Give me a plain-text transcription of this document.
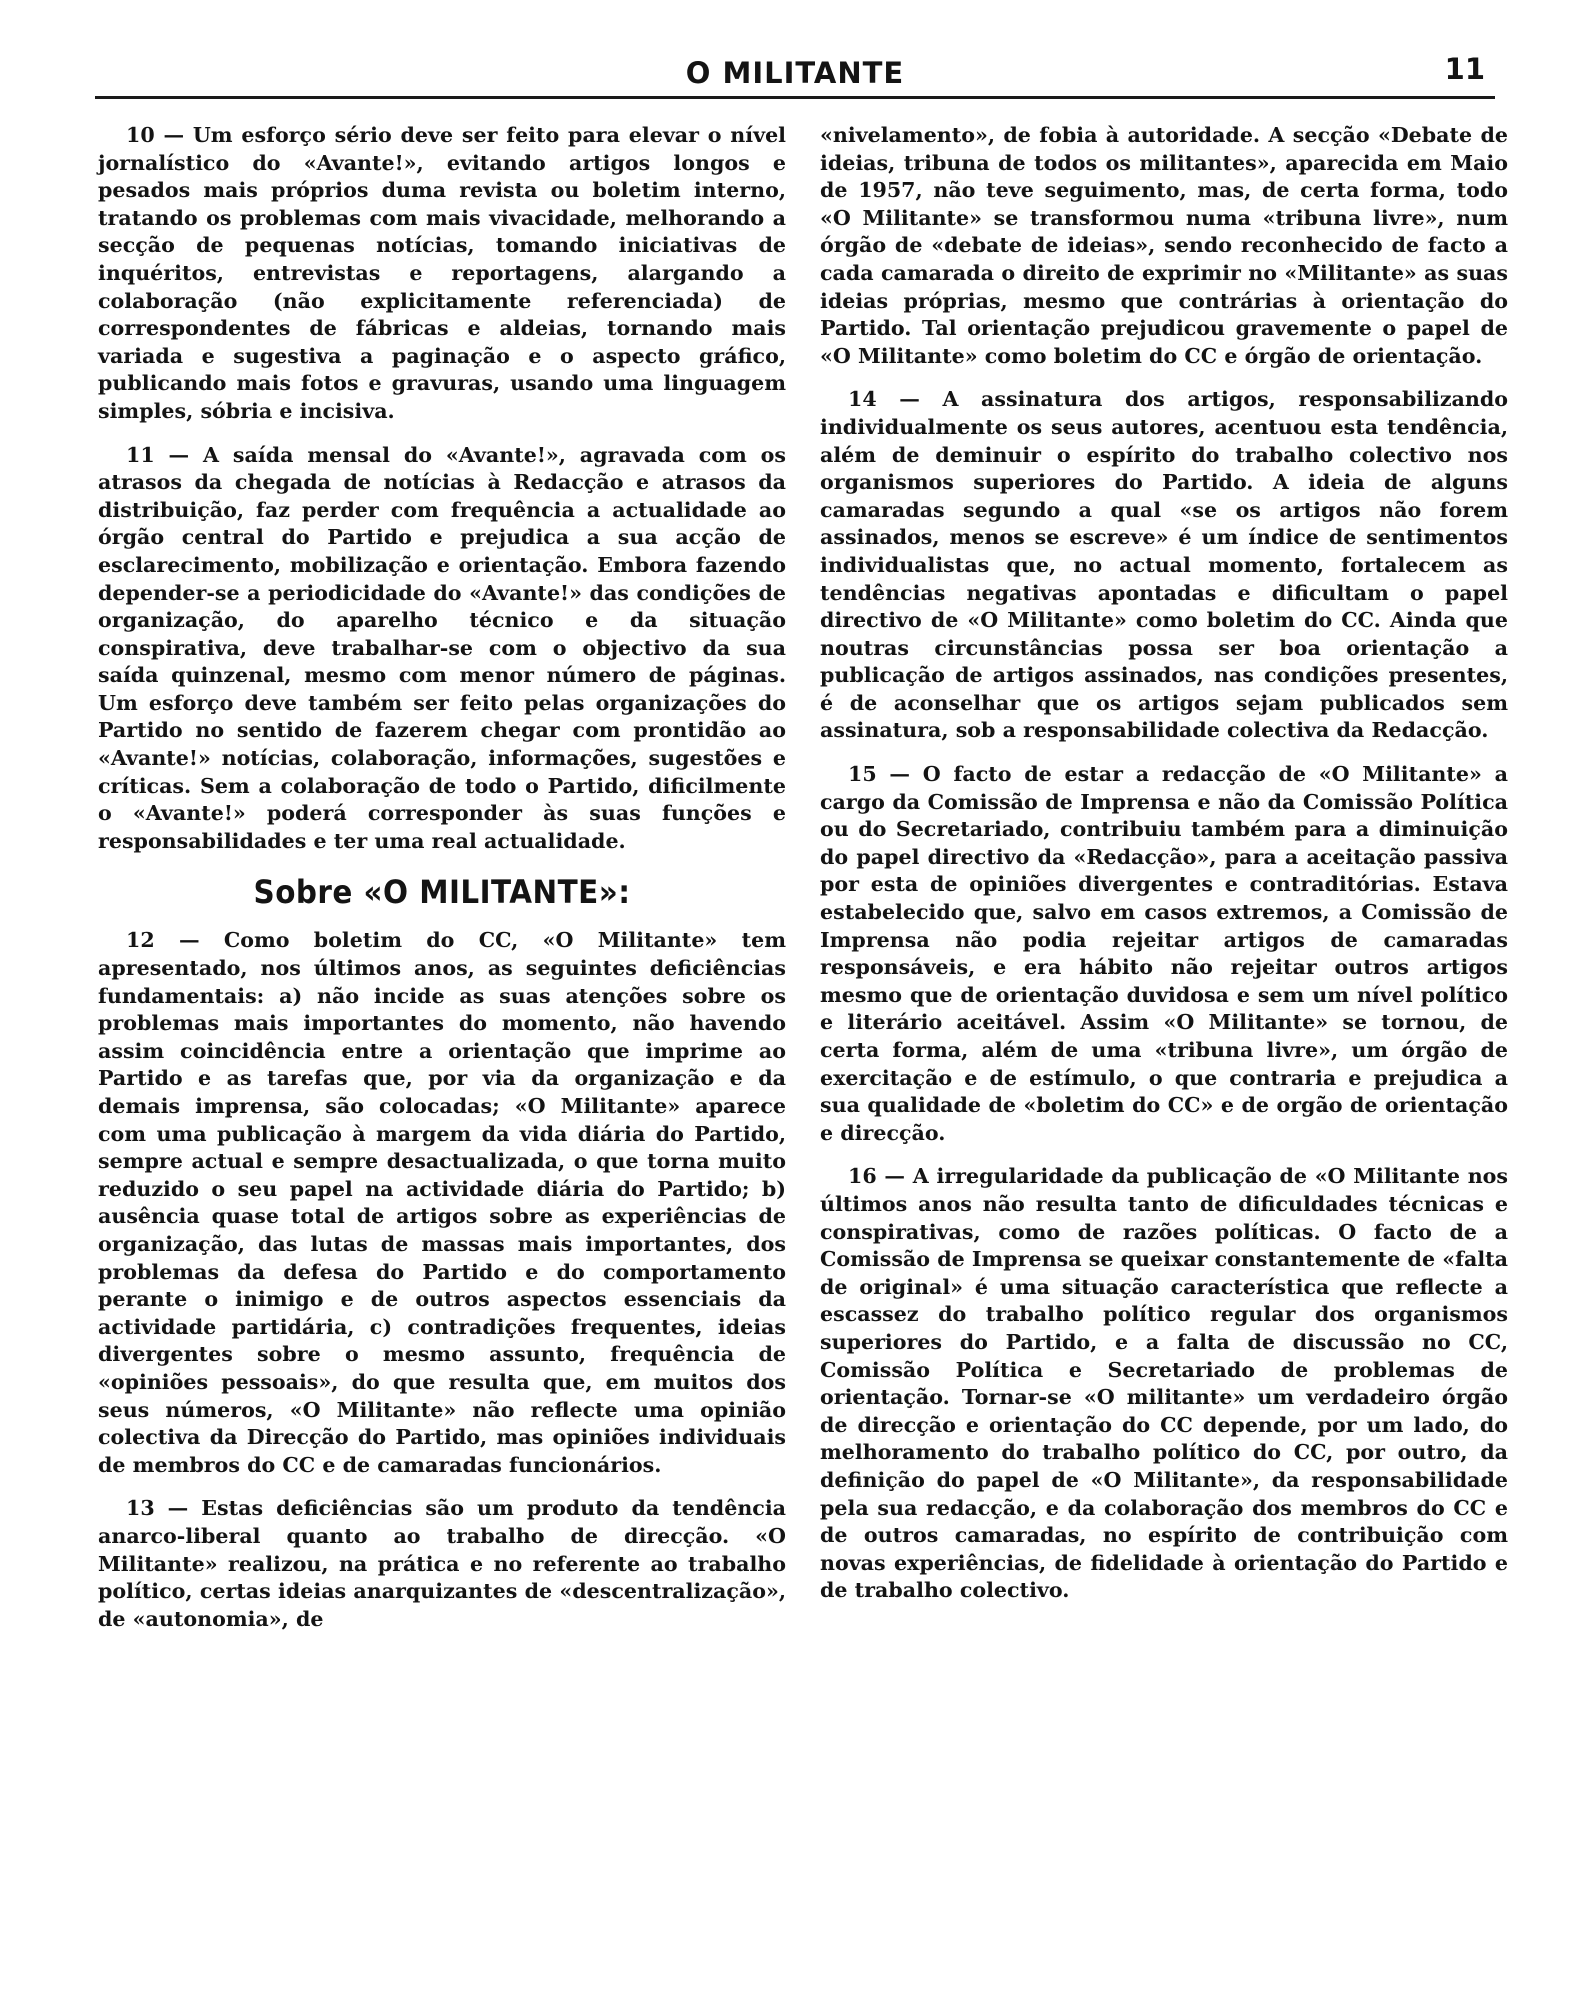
O MILITANTE	11

10 — Um esforço sério deve ser feito para elevar o nível jornalístico do «Avante!», evitando artigos longos e pesados mais próprios duma revista ou boletim interno, tratando os problemas com mais vivacidade, melhorando a secção de pequenas notícias, tomando iniciativas de inquéritos, entrevistas e reportagens, alargando a colaboração (não explicitamente referenciada) de correspondentes de fábricas e aldeias, tornando mais variada e sugestiva a paginação e o aspecto gráfico, publicando mais fotos e gravuras, usando uma linguagem simples, sóbria e incisiva.

11 — A saída mensal do «Avante!», agravada com os atrasos da chegada de notícias à Redacção e atrasos da distribuição, faz perder com frequência a actualidade ao órgão central do Partido e prejudica a sua acção de esclarecimento, mobilização e orientação. Embora fazendo depender-se a periodicidade do «Avante!» das condições de organização, do aparelho técnico e da situação conspirativa, deve trabalhar-se com o objectivo da sua saída quinzenal, mesmo com menor número de páginas. Um esforço deve também ser feito pelas organizações do Partido no sentido de fazerem chegar com prontidão ao «Avante!» notícias, colaboração, informações, sugestões e críticas. Sem a colaboração de todo o Partido, dificilmente o «Avante!» poderá corresponder às suas funções e responsabilidades e ter uma real actualidade.

Sobre «O MILITANTE»:

12 — Como boletim do CC, «O Militante» tem apresentado, nos últimos anos, as seguintes deficiências fundamentais: a) não incide as suas atenções sobre os problemas mais importantes do momento, não havendo assim coincidência entre a orientação que imprime ao Partido e as tarefas que, por via da organização e da demais imprensa, são colocadas; «O Militante» aparece com uma publicação à margem da vida diária do Partido, sempre actual e sempre desactualizada, o que torna muito reduzido o seu papel na actividade diária do Partido; b) ausência quase total de artigos sobre as experiências de organização, das lutas de massas mais importantes, dos problemas da defesa do Partido e do comportamento perante o inimigo e de outros aspectos essenciais da actividade partidária, c) contradições frequentes, ideias divergentes sobre o mesmo assunto, frequência de «opiniões pessoais», do que resulta que, em muitos dos seus números, «O Militante» não reflecte uma opinião colectiva da Direcção do Partido, mas opiniões individuais de membros do CC e de camaradas funcionários.

13 — Estas deficiências são um produto da tendência anarco-liberal quanto ao trabalho de direcção. «O Militante» realizou, na prática e no referente ao trabalho político, certas ideias anarquizantes de «descentralização», de «autonomia», de

«nivelamento», de fobia à autoridade. A secção «Debate de ideias, tribuna de todos os militantes», aparecida em Maio de 1957, não teve seguimento, mas, de certa forma, todo «O Militante» se transformou numa «tribuna livre», num órgão de «debate de ideias», sendo reconhecido de facto a cada camarada o direito de exprimir no «Militante» as suas ideias próprias, mesmo que contrárias à orientação do Partido. Tal orientação prejudicou gravemente o papel de «O Militante» como boletim do CC e órgão de orientação.

14 — A assinatura dos artigos, responsabilizando individualmente os seus autores, acentuou esta tendência, além de deminuir o espírito do trabalho colectivo nos organismos superiores do Partido. A ideia de alguns camaradas segundo a qual «se os artigos não forem assinados, menos se escreve» é um índice de sentimentos individualistas que, no actual momento, fortalecem as tendências negativas apontadas e dificultam o papel directivo de «O Militante» como boletim do CC. Ainda que noutras circunstâncias possa ser boa orientação a publicação de artigos assinados, nas condições presentes, é de aconselhar que os artigos sejam publicados sem assinatura, sob a responsabilidade colectiva da Redacção.

15 — O facto de estar a redacção de «O Militante» a cargo da Comissão de Imprensa e não da Comissão Política ou do Secretariado, contribuiu também para a diminuição do papel directivo da «Redacção», para a aceitação passiva por esta de opiniões divergentes e contraditórias. Estava estabelecido que, salvo em casos extremos, a Comissão de Imprensa não podia rejeitar artigos de camaradas responsáveis, e era hábito não rejeitar outros artigos mesmo que de orientação duvidosa e sem um nível político e literário aceitável. Assim «O Militante» se tornou, de certa forma, além de uma «tribuna livre», um órgão de exercitação e de estímulo, o que contraria e prejudica a sua qualidade de «boletim do CC» e de orgão de orientação e direcção.

16 — A irregularidade da publicação de «O Militante nos últimos anos não resulta tanto de dificuldades técnicas e conspirativas, como de razões políticas. O facto de a Comissão de Imprensa se queixar constantemente de «falta de original» é uma situação característica que reflecte a escassez do trabalho político regular dos organismos superiores do Partido, e a falta de discussão no CC, Comissão Política e Secretariado de problemas de orientação. Tornar-se «O militante» um verdadeiro órgão de direcção e orientação do CC depende, por um lado, do melhoramento do trabalho político do CC, por outro, da definição do papel de «O Militante», da responsabilidade pela sua redacção, e da colaboração dos membros do CC e de outros camaradas, no espírito de contribuição com novas experiências, de fidelidade à orientação do Partido e de trabalho colectivo.
